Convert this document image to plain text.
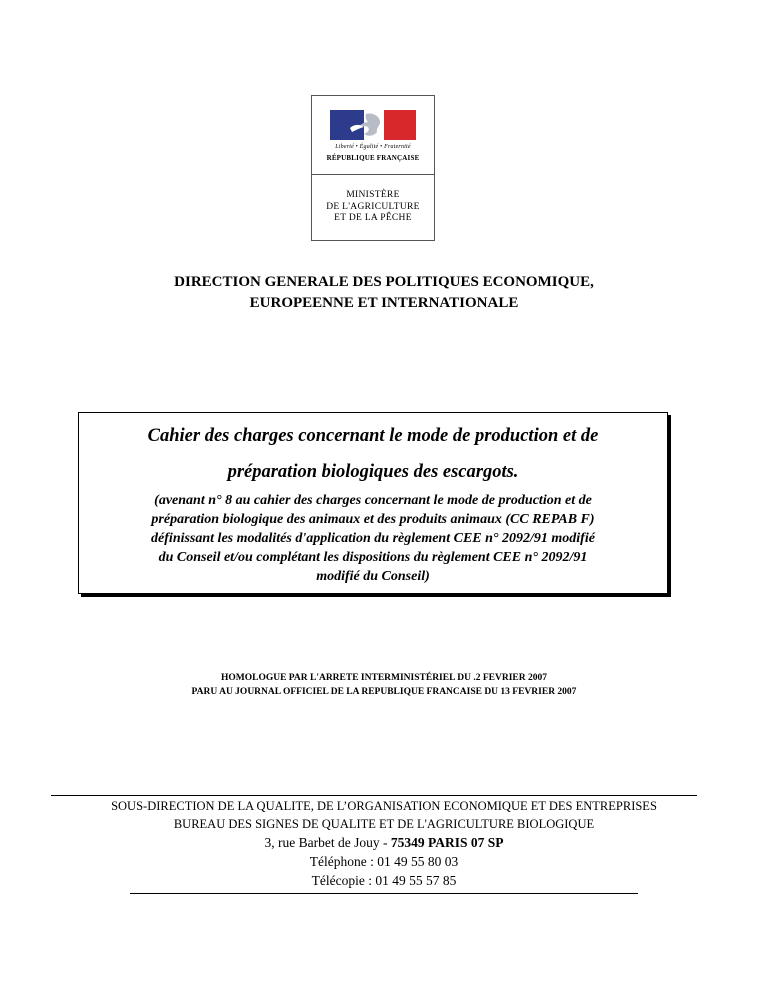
Liberté • Égalité • Fraternité
RÉPUBLIQUE FRANÇAISE
MINISTÈRE
DE L'AGRICULTURE
ET DE LA PÊCHE
DIRECTION GENERALE DES POLITIQUES ECONOMIQUE,
EUROPEENNE ET INTERNATIONALE
Cahier des charges concernant le mode de production et de
préparation biologiques des escargots.
(avenant n° 8 au cahier des charges concernant le mode de production et de
préparation biologique des animaux et des produits animaux (CC REPAB F)
définissant les modalités d'application du règlement CEE n° 2092/91 modifié
du Conseil et/ou complétant les dispositions du règlement CEE n° 2092/91
modifié du Conseil)
HOMOLOGUE PAR L'ARRETE INTERMINISTÉRIEL DU .2 FEVRIER 2007
PARU AU JOURNAL OFFICIEL DE LA REPUBLIQUE FRANCAISE DU 13 FEVRIER 2007
SOUS-DIRECTION DE LA QUALITE, DE L’ORGANISATION ECONOMIQUE ET DES ENTREPRISES
BUREAU DES SIGNES DE QUALITE ET DE L'AGRICULTURE BIOLOGIQUE
3, rue Barbet de Jouy - 75349 PARIS 07 SP
Téléphone : 01 49 55 80 03
Télécopie : 01 49 55 57 85
